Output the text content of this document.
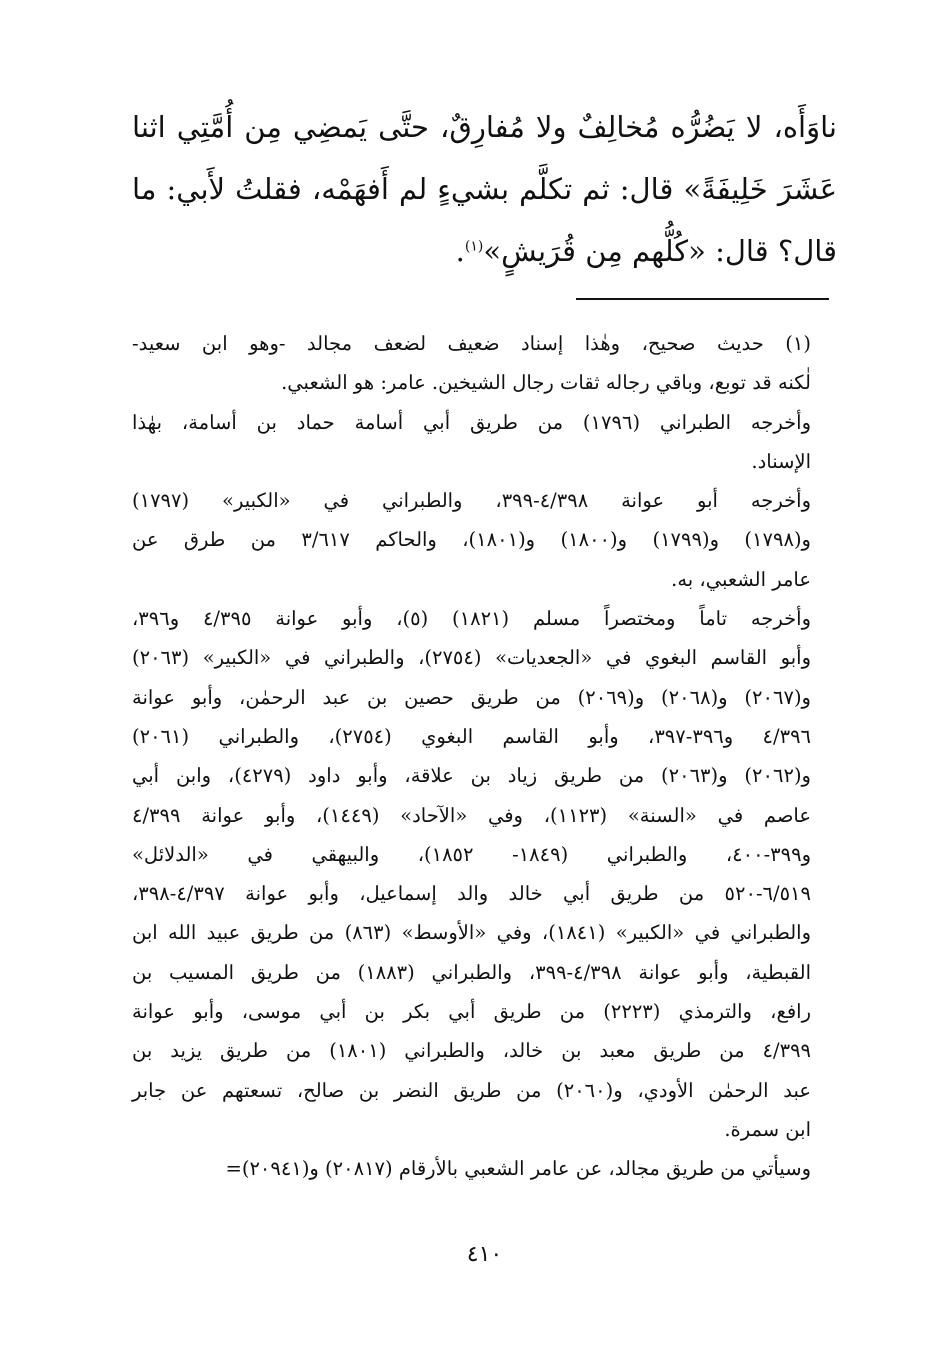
ناوَأَه، لا يَضُرُّه مُخالِفٌ ولا مُفارِقٌ، حتَّى يَمضِي مِن أُمَّتِي اثنا
عَشَرَ خَلِيفَةً» قال: ثم تكلَّم بشيءٍ لم أَفهَمْه، فقلتُ لأَبي: ما
قال؟ قال: «كُلُّهم مِن قُرَيشٍ»$^{(١)}$.

(١) حديث صحيح، وهٰذا إسناد ضعيف لضعف مجالد -وهو ابن سعيد-
لٰكنه قد توبع، وباقي رجاله ثقات رجال الشيخين. عامر: هو الشعبي.

وأخرجه الطبراني (١٧٩٦) من طريق أبي أسامة حماد بن أسامة، بهٰذا
الإسناد.

وأخرجه أبو عوانة ٤/٣٩٨-٣٩٩، والطبراني في «الكبير» (١٧٩٧)
و(١٧٩٨) و(١٧٩٩) و(١٨٠٠) و(١٨٠١)، والحاكم ٣/٦١٧ من طرق عن
عامر الشعبي، به.

وأخرجه تاماً ومختصراً مسلم (١٨٢١) (٥)، وأبو عوانة ٤/٣٩٥ و٣٩٦،
وأبو القاسم البغوي في «الجعديات» (٢٧٥٤)، والطبراني في «الكبير» (٢٠٦٣)
و(٢٠٦٧) و(٢٠٦٨) و(٢٠٦٩) من طريق حصين بن عبد الرحمٰن، وأبو عوانة
٤/٣٩٦ و٣٩٦-٣٩٧، وأبو القاسم البغوي (٢٧٥٤)، والطبراني (٢٠٦١)
و(٢٠٦٢) و(٢٠٦٣) من طريق زياد بن علاقة، وأبو داود (٤٢٧٩)، وابن أبي
عاصم في «السنة» (١١٢٣)، وفي «الآحاد» (١٤٤٩)، وأبو عوانة ٤/٣٩٩
و٣٩٩-٤٠٠، والطبراني (١٨٤٩- ١٨٥٢)، والبيهقي في «الدلائل»
٦/٥١٩-٥٢٠ من طريق أبي خالد والد إسماعيل، وأبو عوانة ٤/٣٩٧-٣٩٨،
والطبراني في «الكبير» (١٨٤١)، وفي «الأوسط» (٨٦٣) من طريق عبيد الله ابن
القبطية، وأبو عوانة ٤/٣٩٨-٣٩٩، والطبراني (١٨٨٣) من طريق المسيب بن
رافع، والترمذي (٢٢٢٣) من طريق أبي بكر بن أبي موسى، وأبو عوانة
٤/٣٩٩ من طريق معبد بن خالد، والطبراني (١٨٠١) من طريق يزيد بن
عبد الرحمٰن الأودي، و(٢٠٦٠) من طريق النضر بن صالح، تسعتهم عن جابر
ابن سمرة.

وسيأتي من طريق مجالد، عن عامر الشعبي بالأرقام (٢٠٨١٧) و(٢٠٩٤١)=

٤١٠
